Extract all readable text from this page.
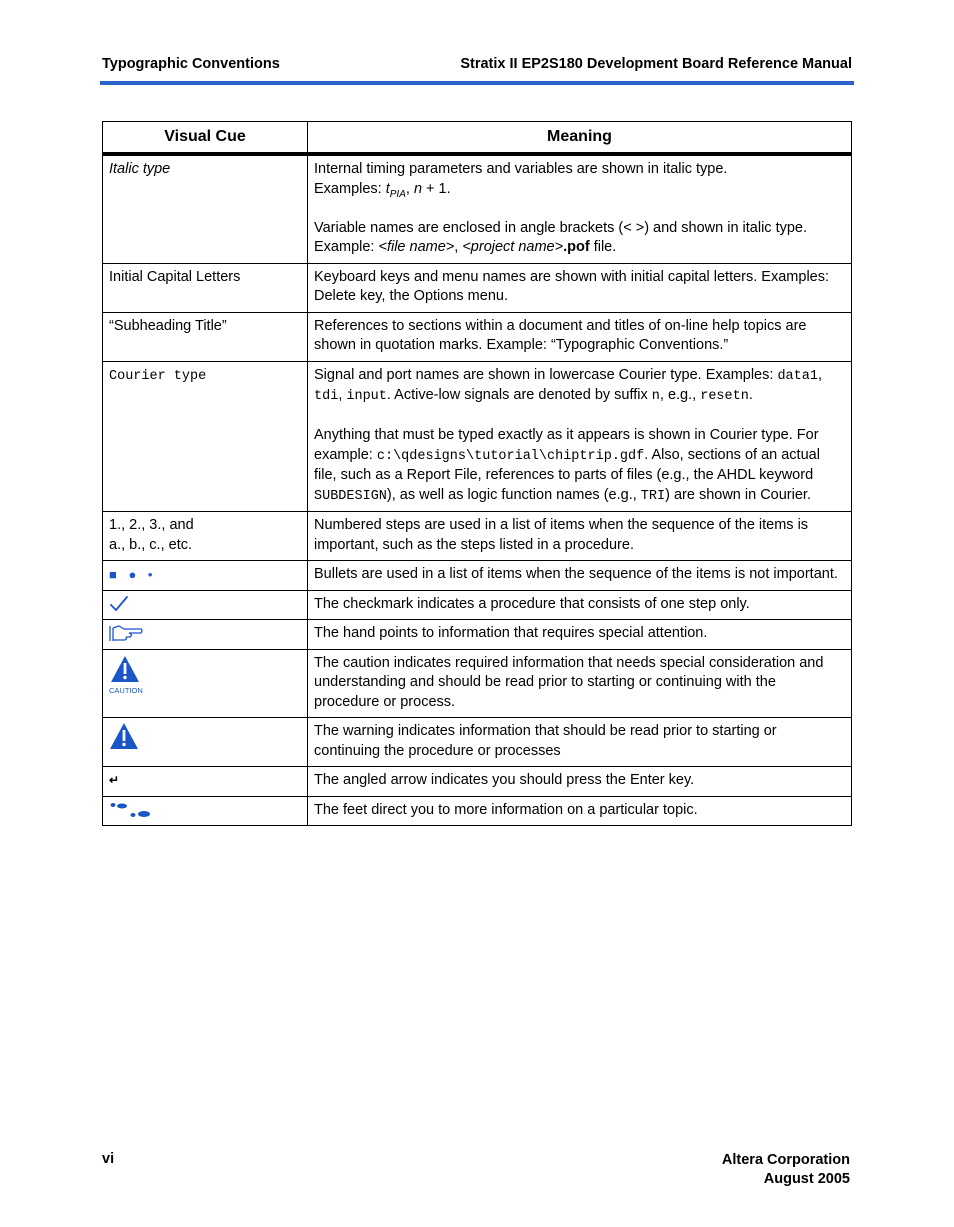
Typographic Conventions	Stratix II EP2S180 Development Board Reference Manual
Visual Cue	Meaning
Italic type	Internal timing parameters and variables are shown in italic type.
Examples: $t_{PIA}$, n + 1.
Variable names are enclosed in angle brackets (< >) and shown in italic type.
Example: <file name>, <project name>.pof file.

Initial Capital Letters	Keyboard keys and menu names are shown with initial capital letters. Examples: Delete key, the Options menu.
“Subheading Title”	References to sections within a document and titles of on-line help topics are shown in quotation marks. Example: “Typographic Conventions.”
Courier type	Signal and port names are shown in lowercase Courier type. Examples: data1, tdi, input. Active-low signals are denoted by suffix n, e.g., resetn.
Anything that must be typed exactly as it appears is shown in Courier type. For example: c:\qdesigns\tutorial\chiptrip.gdf. Also, sections of an actual file, such as a Report File, references to parts of files (e.g., the AHDL keyword SUBDESIGN), as well as logic function names (e.g., TRI) are shown in Courier.

1., 2., 3., and
a., b., c., etc.	Numbered steps are used in a list of items when the sequence of the items is important, such as the steps listed in a procedure.
■ ● •	Bullets are used in a list of items when the sequence of the items is not important.

	The checkmark indicates a procedure that consists of one step only.

	The hand points to information that requires special attention.

CAUTION	The caution indicates required information that needs special consideration and understanding and should be read prior to starting or continuing with the procedure or process.

	The warning indicates information that should be read prior to starting or continuing the procedure or processes
↵	The angled arrow indicates you should press the Enter key.

	The feet direct you to more information on a particular topic.
vi	Altera Corporation
August 2005
